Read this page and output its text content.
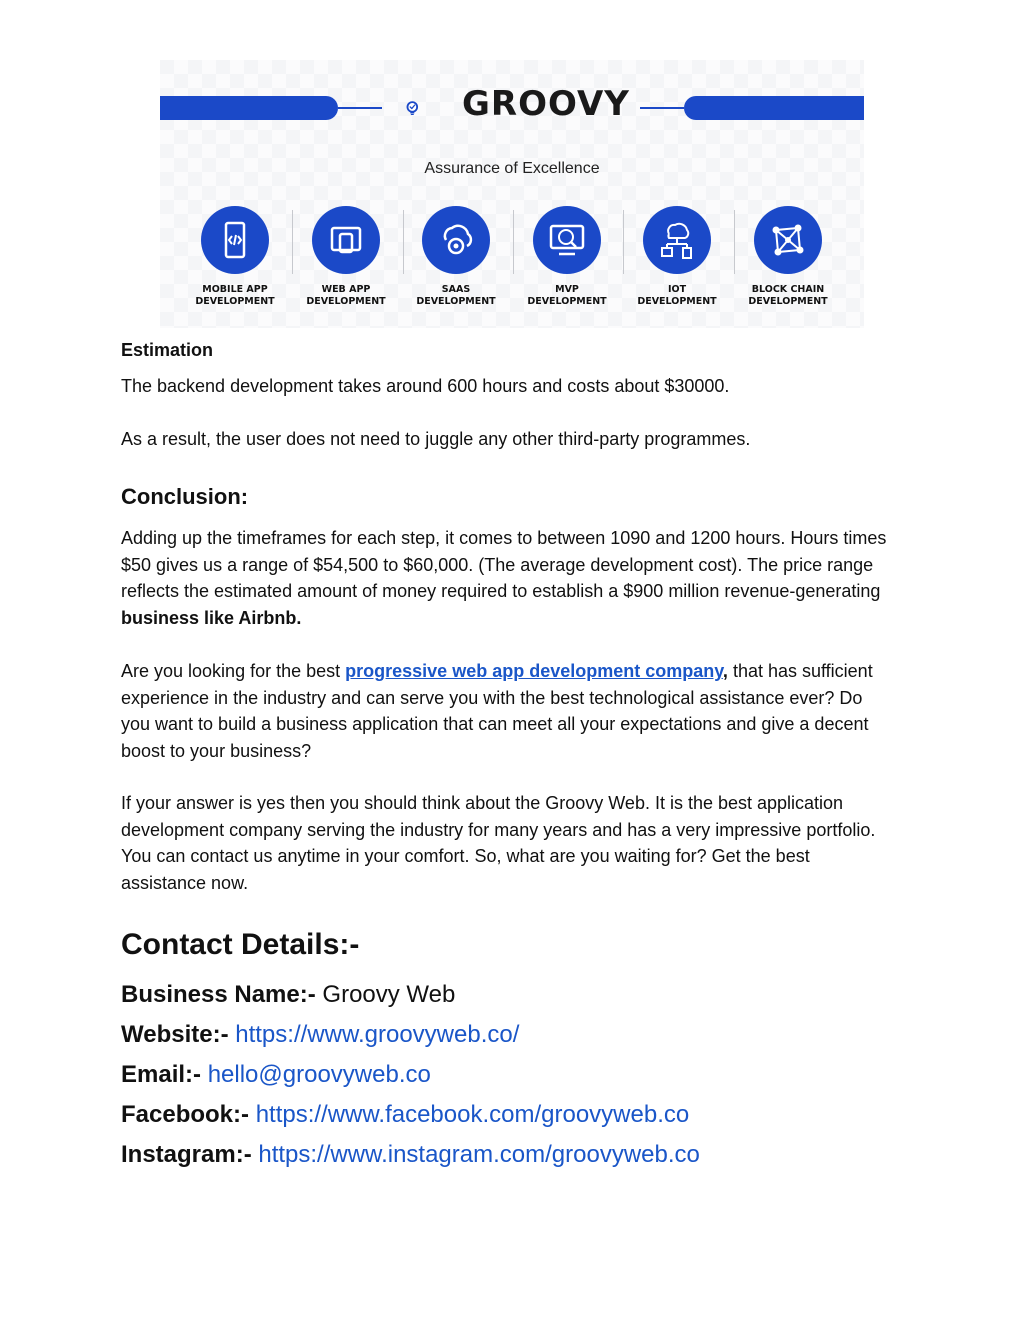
GROOVY
Assurance of Excellence
MOBILE APP
DEVELOPMENT
WEB APP
DEVELOPMENT
SAAS
DEVELOPMENT
MVP
DEVELOPMENT
IOT
DEVELOPMENT
BLOCK CHAIN
DEVELOPMENT
Estimation
The backend development takes around 600 hours and costs about $30000.
As a result, the user does not need to juggle any other third-party programmes.
Conclusion:
Adding up the timeframes for each step, it comes to between 1090 and 1200 hours. Hours times $50 gives us a range of $54,500 to $60,000. (The average development cost). The price range reflects the estimated amount of money required to establish a $900 million revenue-generating business like Airbnb.
Are you looking for the best progressive web app development company, that has sufficient experience in the industry and can serve you with the best technological assistance ever? Do you want to build a business application that can meet all your expectations and give a decent boost to your business?
If your answer is yes then you should think about the Groovy Web. It is the best application development company serving the industry for many years and has a very impressive portfolio. You can contact us anytime in your comfort. So, what are you waiting for? Get the best assistance now.
Contact Details:-
Business Name:- Groovy Web
Website:- https://www.groovyweb.co/
Email:- hello@groovyweb.co
Facebook:- https://www.facebook.com/groovyweb.co
Instagram:- https://www.instagram.com/groovyweb.co
